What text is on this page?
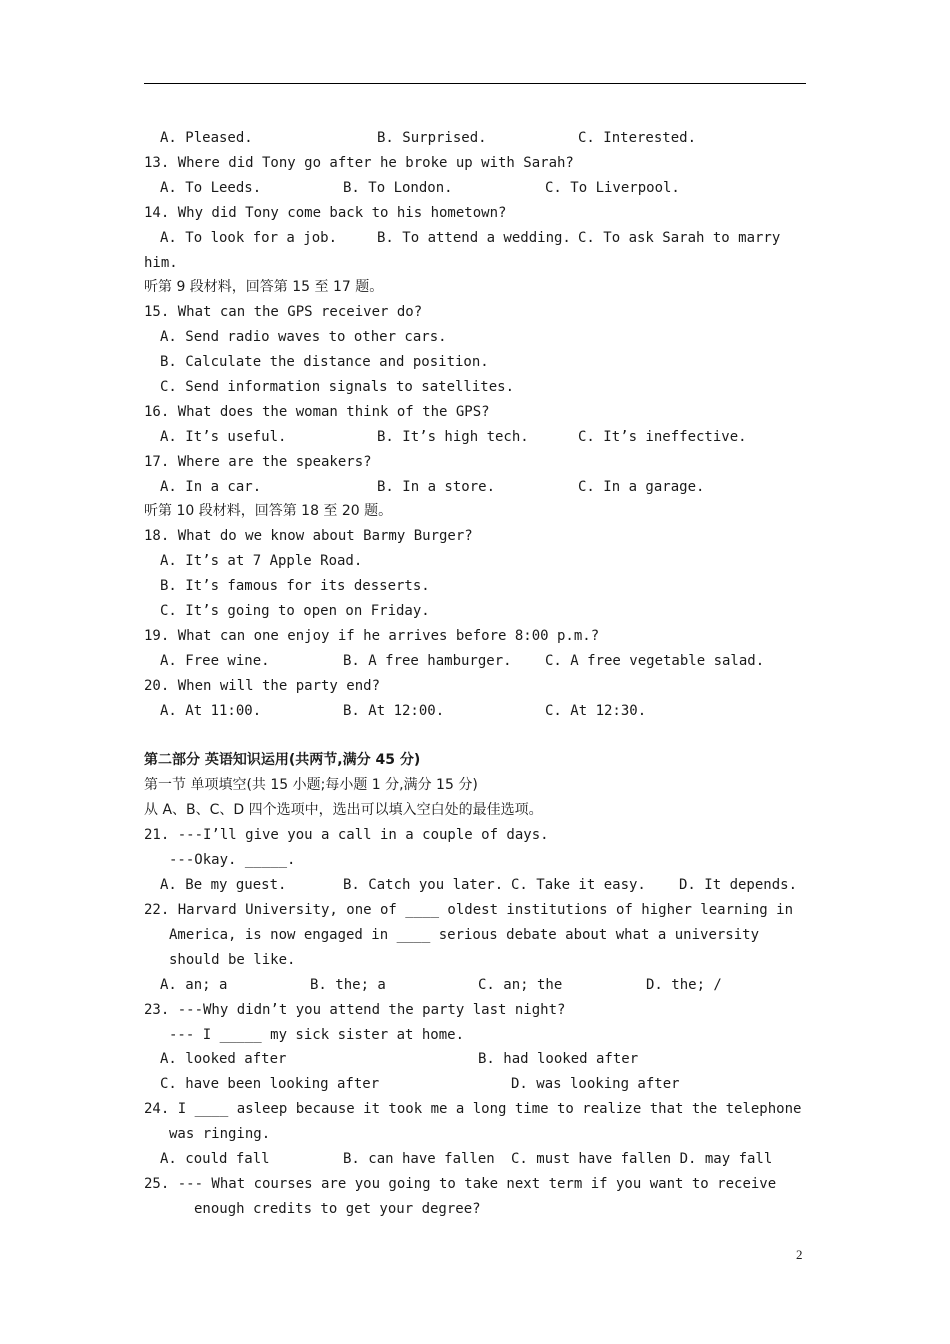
A. Pleased.	B. Surprised.	C. Interested.
13. Where did Tony go after he broke up with Sarah?
A. To Leeds.	B. To London.	C. To Liverpool.
14. Why did Tony come back to his hometown?
A. To look for a job.	B. To attend a wedding. C. To ask Sarah to marry
him.
听第 9 段材料，回答第 15 至 17 题。
15. What can the GPS receiver do?
A. Send radio waves to other cars.
B. Calculate the distance and position.
C. Send information signals to satellites.
16. What does the woman think of the GPS?
A. It’s useful.	B. It’s high tech.	C. It’s ineffective.
17. Where are the speakers?
A. In a car.	B. In a store.	C. In a garage.
听第 10 段材料，回答第 18 至 20 题。
18. What do we know about Barmy Burger?
A. It’s at 7 Apple Road.
B. It’s famous for its desserts.
C. It’s going to open on Friday.
19. What can one enjoy if he arrives before 8:00 p.m.?
A. Free wine.	B. A free hamburger. C. A free vegetable salad.
20. When will the party end?
A. At 11:00.	B. At 12:00.	C. At 12:30.
第二部分 英语知识运用(共两节,满分 45 分)
第一节 单项填空(共 15 小题;每小题 1 分,满分 15 分)
从 A、B、C、D 四个选项中，选出可以填入空白处的最佳选项。
21. ---I’ll give you a call in a couple of days.
---Okay. _____.
A. Be my guest.	B. Catch you later. C. Take it easy. D. It depends.
22. Harvard University, one of ____ oldest institutions of higher learning in
America, is now engaged in ____ serious debate about what a university
should be like.
A. an; a	B. the; a	C. an; the	D. the; /
23. ---Why didn’t you attend the party last night?
--- I _____ my sick sister at home.
A. looked after	B. had looked after
C. have been looking after	D. was looking after
24. I ____ asleep because it took me a long time to realize that the telephone
was ringing.
A. could fall	B. can have fallen C. must have fallen D. may fall
25. --- What courses are you going to take next term if you want to receive
enough credits to get your degree?
2
